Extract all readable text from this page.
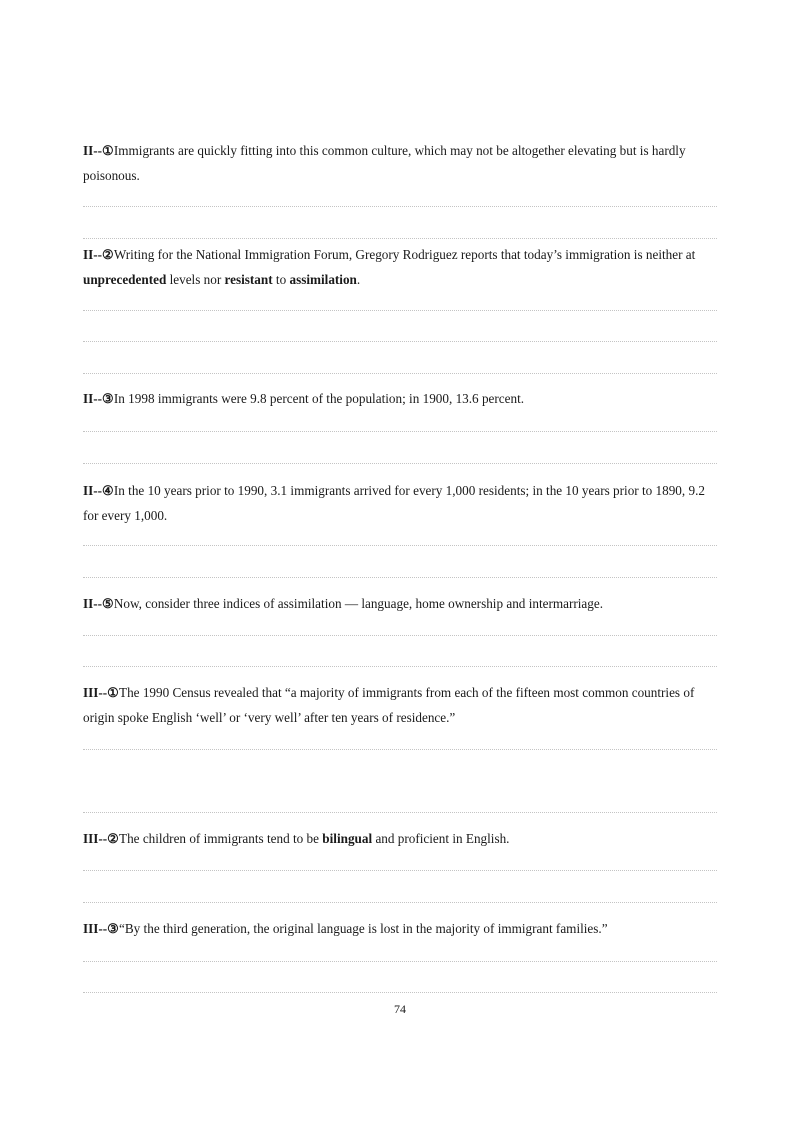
II--①Immigrants are quickly fitting into this common culture, which may not be altogether elevating but is hardly poisonous.
II--②Writing for the National Immigration Forum, Gregory Rodriguez reports that today’s immigration is neither at unprecedented levels nor resistant to assimilation.
II--③In 1998 immigrants were 9.8 percent of the population; in 1900, 13.6 percent.
II--④In the 10 years prior to 1990, 3.1 immigrants arrived for every 1,000 residents; in the 10 years prior to 1890, 9.2 for every 1,000.
II--⑤Now, consider three indices of assimilation — language, home ownership and intermarriage.
III--①The 1990 Census revealed that “a majority of immigrants from each of the fifteen most common countries of origin spoke English ‘well’ or ‘very well’ after ten years of residence.”
III--②The children of immigrants tend to be bilingual and proficient in English.
III--③“By the third generation, the original language is lost in the majority of immigrant families.”
74
